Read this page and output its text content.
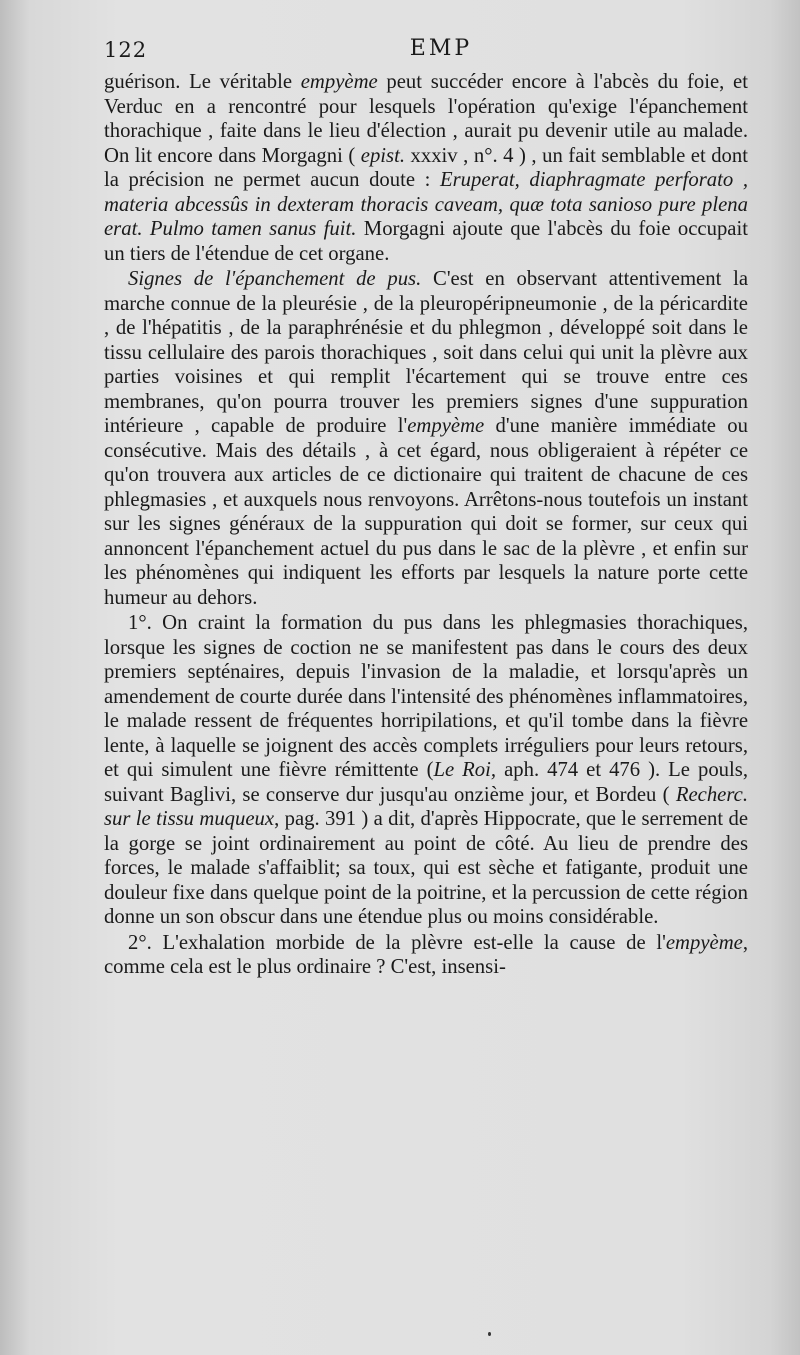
122	EMP

guérison. Le véritable empyème peut succéder encore à l'abcès du foie, et Verduc en a rencontré pour lesquels l'opération qu'exige l'épanchement thorachique , faite dans le lieu d'élection , aurait pu devenir utile au malade. On lit encore dans Morgagni ( epist. xxxiv , n°. 4 ) , un fait semblable et dont la précision ne permet aucun doute : Eruperat, diaphragmate perforato , materia abcessûs in dexteram thoracis caveam, quæ tota sanioso pure plena erat. Pulmo tamen sanus fuit. Morgagni ajoute que l'abcès du foie occupait un tiers de l'étendue de cet organe.

Signes de l'épanchement de pus. C'est en observant attentivement la marche connue de la pleurésie , de la pleuropéripneumonie , de la péricardite , de l'hépatitis , de la paraphrénésie et du phlegmon , développé soit dans le tissu cellulaire des parois thorachiques , soit dans celui qui unit la plèvre aux parties voisines et qui remplit l'écartement qui se trouve entre ces membranes, qu'on pourra trouver les premiers signes d'une suppuration intérieure , capable de produire l'empyème d'une manière immédiate ou consécutive. Mais des détails , à cet égard, nous obligeraient à répéter ce qu'on trouvera aux articles de ce dictionaire qui traitent de chacune de ces phlegmasies , et auxquels nous renvoyons. Arrêtons-nous toutefois un instant sur les signes généraux de la suppuration qui doit se former, sur ceux qui annoncent l'épanchement actuel du pus dans le sac de la plèvre , et enfin sur les phénomènes qui indiquent les efforts par lesquels la nature porte cette humeur au dehors.

1°. On craint la formation du pus dans les phlegmasies thorachiques, lorsque les signes de coction ne se manifestent pas dans le cours des deux premiers septénaires, depuis l'invasion de la maladie, et lorsqu'après un amendement de courte durée dans l'intensité des phénomènes inflammatoires, le malade ressent de fréquentes horripilations, et qu'il tombe dans la fièvre lente, à laquelle se joignent des accès complets irréguliers pour leurs retours, et qui simulent une fièvre rémittente (Le Roi, aph. 474 et 476 ). Le pouls, suivant Baglivi, se conserve dur jusqu'au onzième jour, et Bordeu ( Recherc. sur le tissu muqueux, pag. 391 ) a dit, d'après Hippocrate, que le serrement de la gorge se joint ordinairement au point de côté. Au lieu de prendre des forces, le malade s'affaiblit; sa toux, qui est sèche et fatigante, produit une douleur fixe dans quelque point de la poitrine, et la percussion de cette région donne un son obscur dans une étendue plus ou moins considérable.

2°. L'exhalation morbide de la plèvre est-elle la cause de l'empyème, comme cela est le plus ordinaire ? C'est, insensi-
